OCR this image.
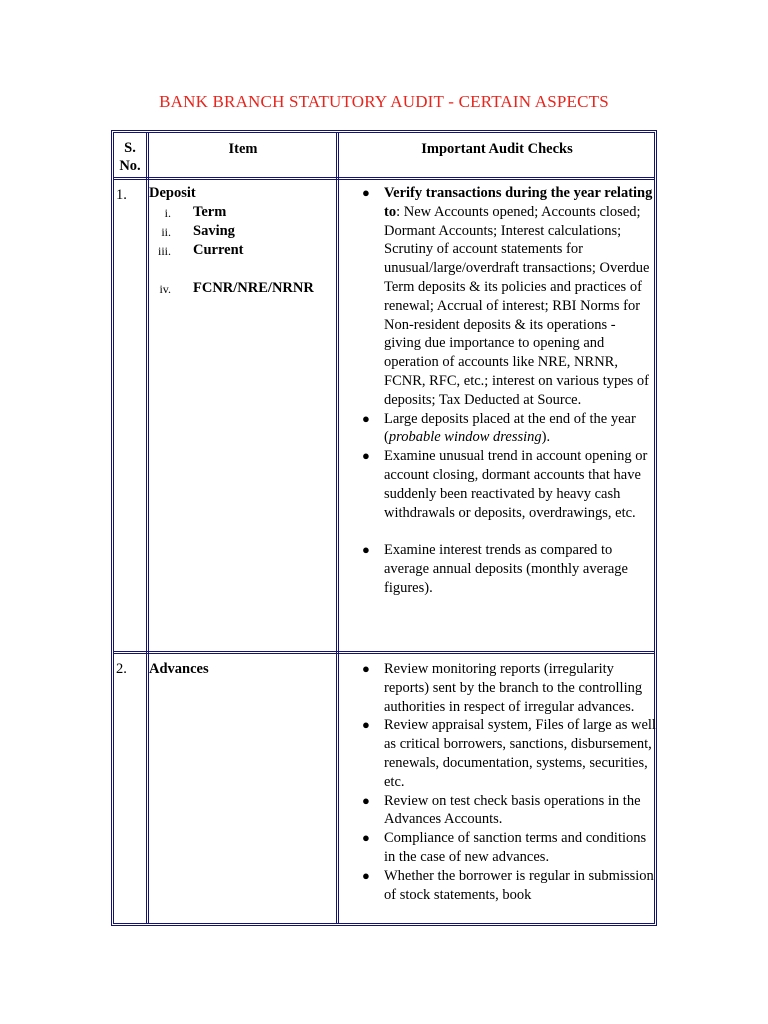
BANK BRANCH STATUTORY AUDIT - CERTAIN ASPECTS
S. No.
Item	Important Audit Checks
1. Deposit
i. Term
ii. Saving
iii. Current
iv. FCNR/NRE/NRNR
● Verify transactions during the year relating to: New Accounts opened; Accounts closed; Dormant Accounts; Interest calculations; Scrutiny of account statements for unusual/large/overdraft transactions; Overdue Term deposits & its policies and practices of renewal; Accrual of interest; RBI Norms for Non-resident deposits & its operations - giving due importance to opening and operation of accounts like NRE, NRNR, FCNR, RFC, etc.; interest on various types of deposits; Tax Deducted at Source.
● Large deposits placed at the end of the year (probable window dressing).
● Examine unusual trend in account opening or account closing, dormant accounts that have suddenly been reactivated by heavy cash withdrawals or deposits, overdrawings, etc.
● Examine interest trends as compared to average annual deposits (monthly average figures).
2. Advances	● Review monitoring reports (irregularity reports) sent by the branch to the controlling authorities in respect of irregular advances.
● Review appraisal system, Files of large as well as critical borrowers, sanctions, disbursement, renewals, documentation, systems, securities, etc.
● Review on test check basis operations in the Advances Accounts.
● Compliance of sanction terms and conditions in the case of new advances.
● Whether the borrower is regular in submission of stock statements, book
